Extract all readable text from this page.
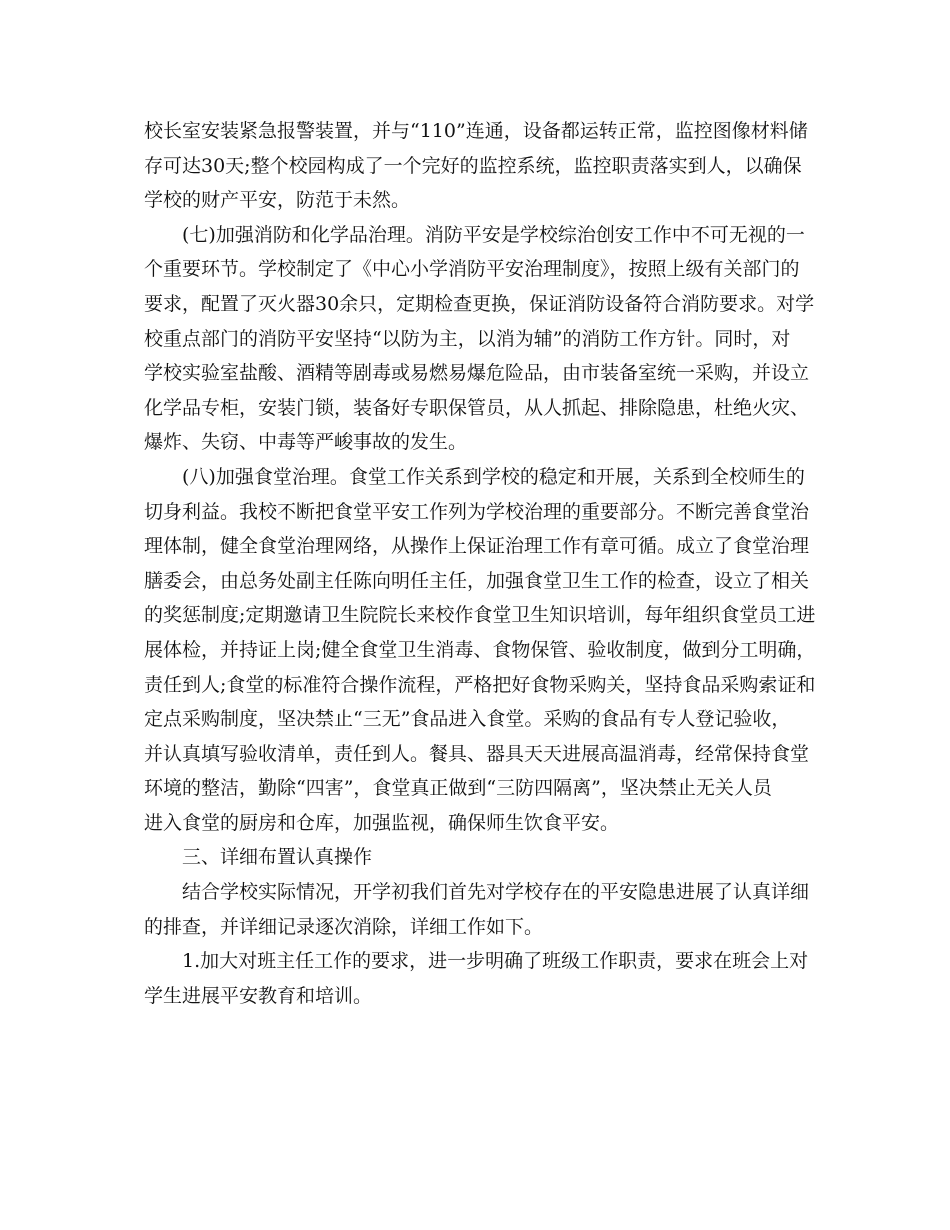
校长室安装紧急报警装置，并与“110”连通，设备都运转正常，监控图像材料储
存可达30天;整个校园构成了一个完好的监控系统，监控职责落实到人，以确保
学校的财产平安，防范于未然。
(七)加强消防和化学品治理。消防平安是学校综治创安工作中不可无视的一
个重要环节。学校制定了《中心小学消防平安治理制度》，按照上级有关部门的
要求，配置了灭火器30余只，定期检查更换，保证消防设备符合消防要求。对学
校重点部门的消防平安坚持“以防为主，以消为辅”的消防工作方针。同时，对
学校实验室盐酸、酒精等剧毒或易燃易爆危险品，由市装备室统一采购，并设立
化学品专柜，安装门锁，装备好专职保管员，从人抓起、排除隐患，杜绝火灾、
爆炸、失窃、中毒等严峻事故的发生。
(八)加强食堂治理。食堂工作关系到学校的稳定和开展，关系到全校师生的
切身利益。我校不断把食堂平安工作列为学校治理的重要部分。不断完善食堂治
理体制，健全食堂治理网络，从操作上保证治理工作有章可循。成立了食堂治理
膳委会，由总务处副主任陈向明任主任，加强食堂卫生工作的检查，设立了相关
的奖惩制度;定期邀请卫生院院长来校作食堂卫生知识培训，每年组织食堂员工进
展体检，并持证上岗;健全食堂卫生消毒、食物保管、验收制度，做到分工明确，
责任到人;食堂的标准符合操作流程，严格把好食物采购关，坚持食品采购索证和
定点采购制度，坚决禁止“三无”食品进入食堂。采购的食品有专人登记验收，
并认真填写验收清单，责任到人。餐具、器具天天进展高温消毒，经常保持食堂
环境的整洁，勤除“四害”，食堂真正做到“三防四隔离”，坚决禁止无关人员
进入食堂的厨房和仓库，加强监视，确保师生饮食平安。
三、详细布置认真操作
结合学校实际情况，开学初我们首先对学校存在的平安隐患进展了认真详细
的排查，并详细记录逐次消除，详细工作如下。
1.加大对班主任工作的要求，进一步明确了班级工作职责，要求在班会上对
学生进展平安教育和培训。
